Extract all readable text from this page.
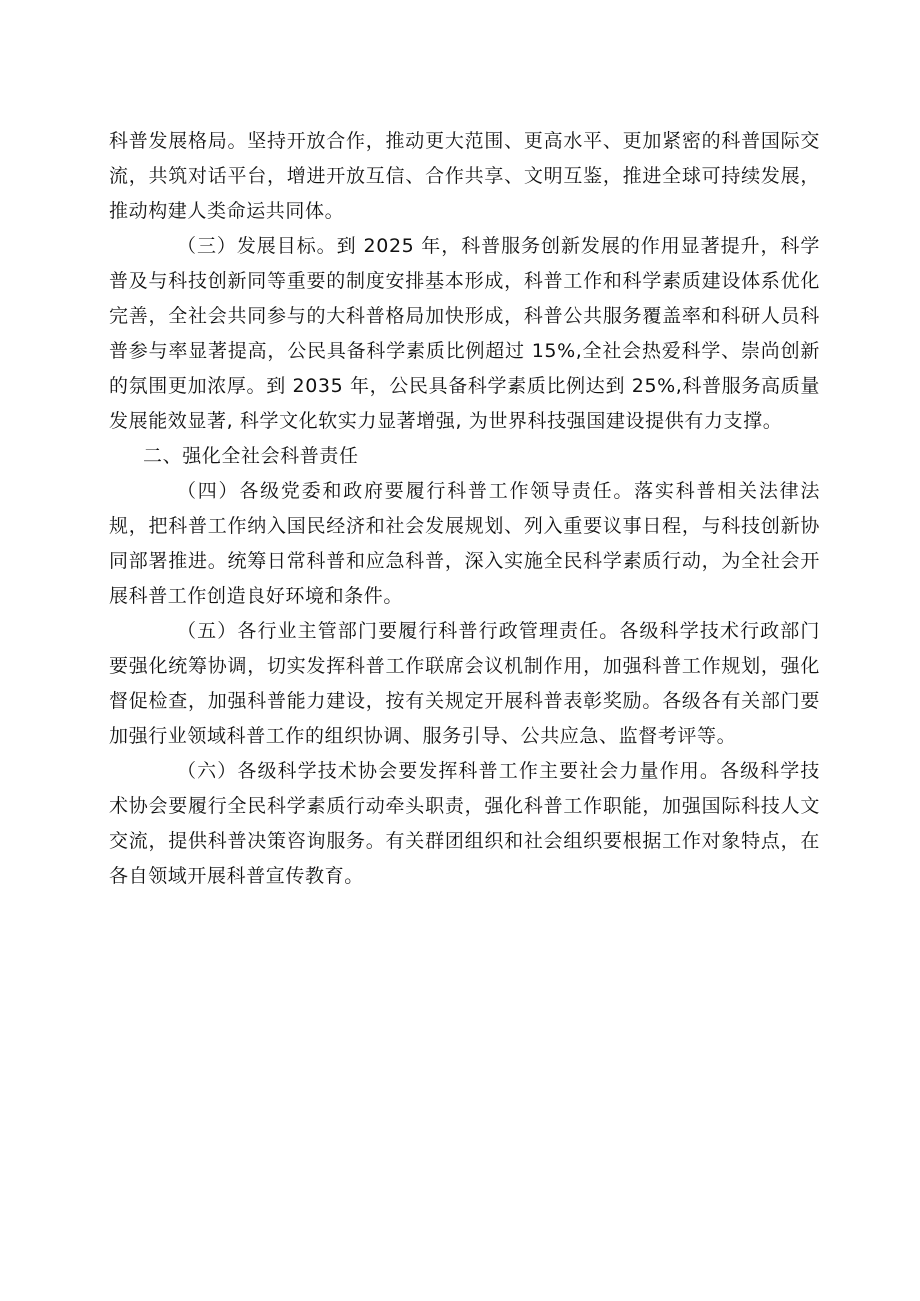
科普发展格局。坚持开放合作，推动更大范围、更高水平、更加紧密的科普国际交流，共筑对话平台，增进开放互信、合作共享、文明互鉴，推进全球可持续发展，推动构建人类命运共同体。

（三）发展目标。到 2025 年，科普服务创新发展的作用显著提升，科学普及与科技创新同等重要的制度安排基本形成，科普工作和科学素质建设体系优化完善，全社会共同参与的大科普格局加快形成，科普公共服务覆盖率和科研人员科普参与率显著提高，公民具备科学素质比例超过 15%,全社会热爱科学、崇尚创新的氛围更加浓厚。到 2035 年，公民具备科学素质比例达到 25%,科普服务高质量发展能效显著, 科学文化软实力显著增强, 为世界科技强国建设提供有力支撑。

二、强化全社会科普责任

（四）各级党委和政府要履行科普工作领导责任。落实科普相关法律法规，把科普工作纳入国民经济和社会发展规划、列入重要议事日程，与科技创新协同部署推进。统筹日常科普和应急科普，深入实施全民科学素质行动，为全社会开展科普工作创造良好环境和条件。

（五）各行业主管部门要履行科普行政管理责任。各级科学技术行政部门要强化统筹协调，切实发挥科普工作联席会议机制作用，加强科普工作规划，强化督促检查，加强科普能力建设，按有关规定开展科普表彰奖励。各级各有关部门要加强行业领域科普工作的组织协调、服务引导、公共应急、监督考评等。

（六）各级科学技术协会要发挥科普工作主要社会力量作用。各级科学技术协会要履行全民科学素质行动牵头职责，强化科普工作职能，加强国际科技人文交流，提供科普决策咨询服务。有关群团组织和社会组织要根据工作对象特点，在各自领域开展科普宣传教育。
